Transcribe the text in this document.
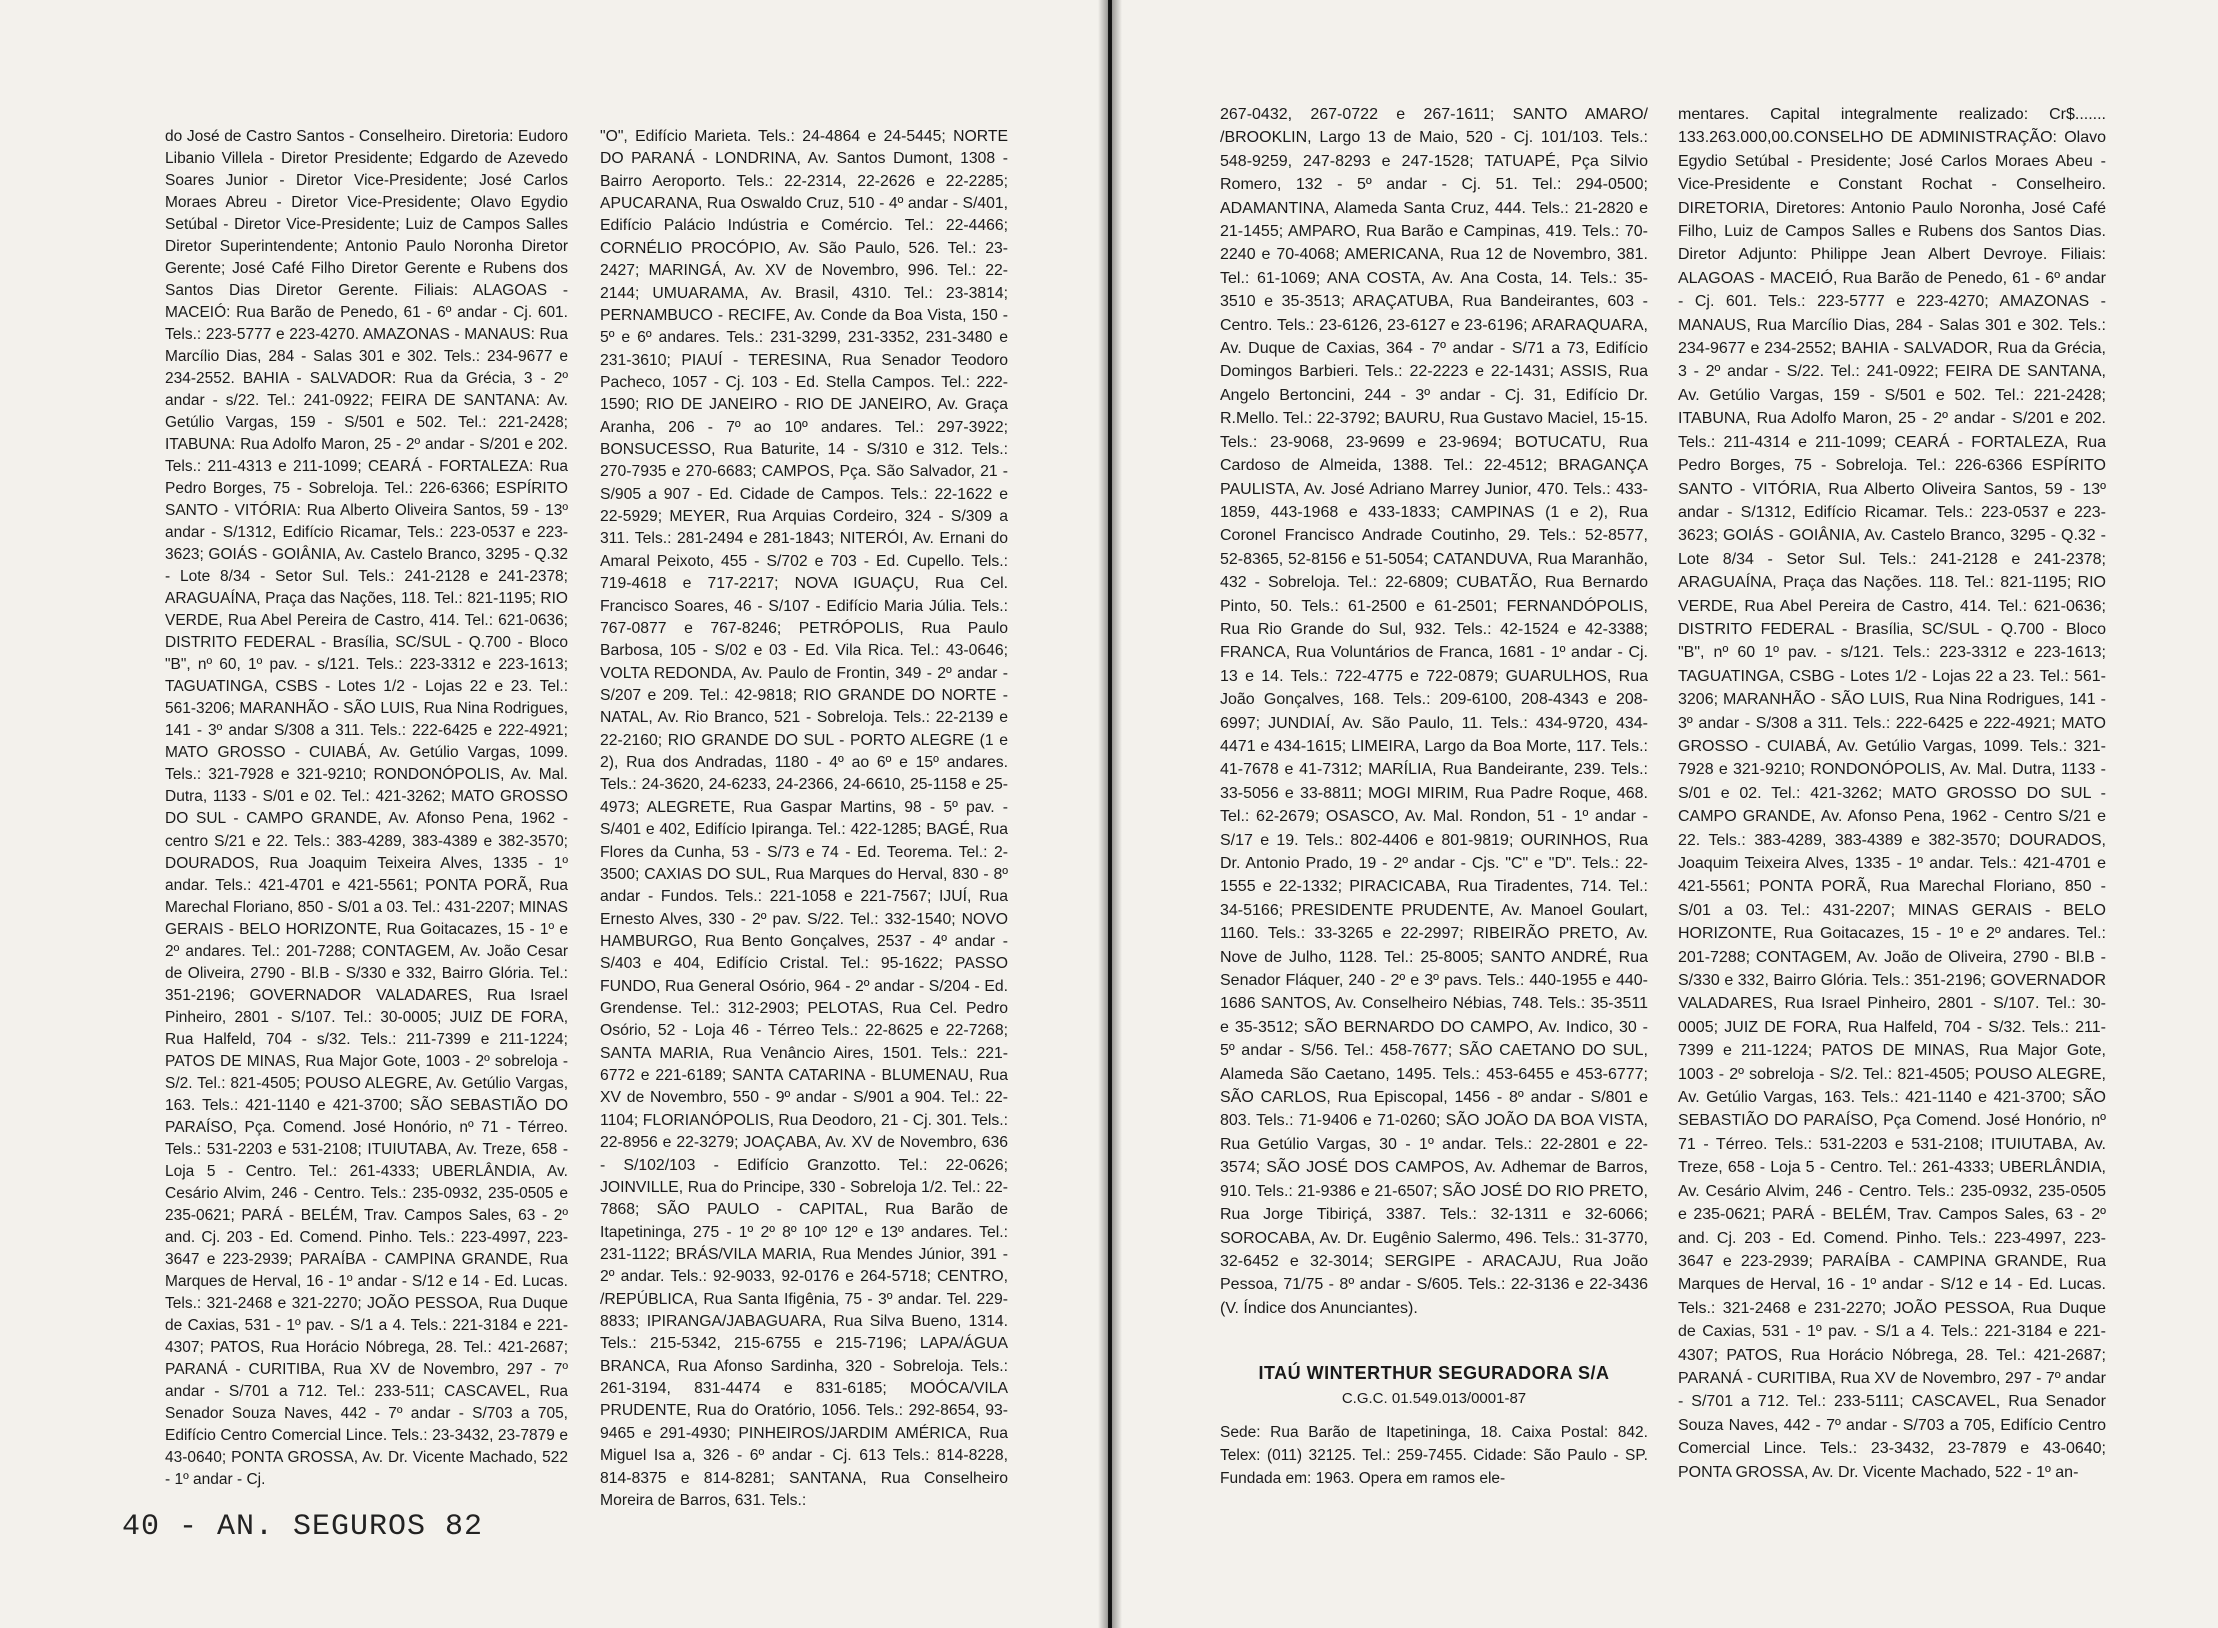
do José de Castro Santos - Conselheiro. Diretoria: Eudoro Libanio Villela - Diretor Presidente; Edgardo de Azevedo Soares Junior - Diretor Vice-Presidente; José Carlos Moraes Abreu - Diretor Vice-Presidente; Olavo Egydio Setúbal - Diretor Vice-Presidente; Luiz de Campos Salles Diretor Superintendente; Antonio Paulo Noronha Diretor Gerente; José Café Filho Diretor Gerente e Rubens dos Santos Dias Diretor Gerente. Filiais: ALAGOAS - MACEIÓ: Rua Barão de Penedo, 61 - 6º andar - Cj. 601. Tels.: 223-5777 e 223-4270. AMAZONAS - MANAUS: Rua Marcílio Dias, 284 - Salas 301 e 302. Tels.: 234-9677 e 234-2552. BAHIA - SALVADOR: Rua da Grécia, 3 - 2º andar - s/22. Tel.: 241-0922; FEIRA DE SANTANA: Av. Getúlio Vargas, 159 - S/501 e 502. Tel.: 221-2428; ITABUNA: Rua Adolfo Maron, 25 - 2º andar - S/201 e 202. Tels.: 211-4313 e 211-1099; CEARÁ - FORTALEZA: Rua Pedro Borges, 75 - Sobreloja. Tel.: 226-6366; ESPÍRITO SANTO - VITÓRIA: Rua Alberto Oliveira Santos, 59 - 13º andar - S/1312, Edifício Ricamar, Tels.: 223-0537 e 223-3623; GOIÁS - GOIÂNIA, Av. Castelo Branco, 3295 - Q.32 - Lote 8/34 - Setor Sul. Tels.: 241-2128 e 241-2378; ARAGUAÍNA, Praça das Nações, 118. Tel.: 821-1195; RIO VERDE, Rua Abel Pereira de Castro, 414. Tel.: 621-0636; DISTRITO FEDERAL - Brasília, SC/SUL - Q.700 - Bloco "B", nº 60, 1º pav. - s/121. Tels.: 223-3312 e 223-1613; TAGUATINGA, CSBS - Lotes 1/2 - Lojas 22 e 23. Tel.: 561-3206; MARANHÃO - SÃO LUIS, Rua Nina Rodrigues, 141 - 3º andar S/308 a 311. Tels.: 222-6425 e 222-4921; MATO GROSSO - CUIABÁ, Av. Getúlio Vargas, 1099. Tels.: 321-7928 e 321-9210; RONDONÓPOLIS, Av. Mal. Dutra, 1133 - S/01 e 02. Tel.: 421-3262; MATO GROSSO DO SUL - CAMPO GRANDE, Av. Afonso Pena, 1962 - centro S/21 e 22. Tels.: 383-4289, 383-4389 e 382-3570; DOURADOS, Rua Joaquim Teixeira Alves, 1335 - 1º andar. Tels.: 421-4701 e 421-5561; PONTA PORÃ, Rua Marechal Floriano, 850 - S/01 a 03. Tel.: 431-2207; MINAS GERAIS - BELO HORIZONTE, Rua Goitacazes, 15 - 1º e 2º andares. Tel.: 201-7288; CONTAGEM, Av. João Cesar de Oliveira, 2790 - Bl.B - S/330 e 332, Bairro Glória. Tel.: 351-2196; GOVERNADOR VALADARES, Rua Israel Pinheiro, 2801 - S/107. Tel.: 30-0005; JUIZ DE FORA, Rua Halfeld, 704 - s/32. Tels.: 211-7399 e 211-1224; PATOS DE MINAS, Rua Major Gote, 1003 - 2º sobreloja - S/2. Tel.: 821-4505; POUSO ALEGRE, Av. Getúlio Vargas, 163. Tels.: 421-1140 e 421-3700; SÃO SEBASTIÃO DO PARAÍSO, Pça. Comend. José Honório, nº 71 - Térreo. Tels.: 531-2203 e 531-2108; ITUIUTABA, Av. Treze, 658 - Loja 5 - Centro. Tel.: 261-4333; UBERLÂNDIA, Av. Cesário Alvim, 246 - Centro. Tels.: 235-0932, 235-0505 e 235-0621; PARÁ - BELÉM, Trav. Campos Sales, 63 - 2º and. Cj. 203 - Ed. Comend. Pinho. Tels.: 223-4997, 223-3647 e 223-2939; PARAÍBA - CAMPINA GRANDE, Rua Marques de Herval, 16 - 1º andar - S/12 e 14 - Ed. Lucas. Tels.: 321-2468 e 321-2270; JOÃO PESSOA, Rua Duque de Caxias, 531 - 1º pav. - S/1 a 4. Tels.: 221-3184 e 221-4307; PATOS, Rua Horácio Nóbrega, 28. Tel.: 421-2687; PARANÁ - CURITIBA, Rua XV de Novembro, 297 - 7º andar - S/701 a 712. Tel.: 233-511; CASCAVEL, Rua Senador Souza Naves, 442 - 7º andar - S/703 a 705, Edifício Centro Comercial Lince. Tels.: 23-3432, 23-7879 e 43-0640; PONTA GROSSA, Av. Dr. Vicente Machado, 522 - 1º andar - Cj.

"O", Edifício Marieta. Tels.: 24-4864 e 24-5445; NORTE DO PARANÁ - LONDRINA, Av. Santos Dumont, 1308 - Bairro Aeroporto. Tels.: 22-2314, 22-2626 e 22-2285; APUCARANA, Rua Oswaldo Cruz, 510 - 4º andar - S/401, Edifício Palácio Indústria e Comércio. Tel.: 22-4466; CORNÉLIO PROCÓPIO, Av. São Paulo, 526. Tel.: 23-2427; MARINGÁ, Av. XV de Novembro, 996. Tel.: 22-2144; UMUARAMA, Av. Brasil, 4310. Tel.: 23-3814; PERNAMBUCO - RECIFE, Av. Conde da Boa Vista, 150 - 5º e 6º andares. Tels.: 231-3299, 231-3352, 231-3480 e 231-3610; PIAUÍ - TERESINA, Rua Senador Teodoro Pacheco, 1057 - Cj. 103 - Ed. Stella Campos. Tel.: 222-1590; RIO DE JANEIRO - RIO DE JANEIRO, Av. Graça Aranha, 206 - 7º ao 10º andares. Tel.: 297-3922; BONSUCESSO, Rua Baturite, 14 - S/310 e 312. Tels.: 270-7935 e 270-6683; CAMPOS, Pça. São Salvador, 21 - S/905 a 907 - Ed. Cidade de Campos. Tels.: 22-1622 e 22-5929; MEYER, Rua Arquias Cordeiro, 324 - S/309 a 311. Tels.: 281-2494 e 281-1843; NITERÓI, Av. Ernani do Amaral Peixoto, 455 - S/702 e 703 - Ed. Cupello. Tels.: 719-4618 e 717-2217; NOVA IGUAÇU, Rua Cel. Francisco Soares, 46 - S/107 - Edifício Maria Júlia. Tels.: 767-0877 e 767-8246; PETRÓPOLIS, Rua Paulo Barbosa, 105 - S/02 e 03 - Ed. Vila Rica. Tel.: 43-0646; VOLTA REDONDA, Av. Paulo de Frontin, 349 - 2º andar - S/207 e 209. Tel.: 42-9818; RIO GRANDE DO NORTE - NATAL, Av. Rio Branco, 521 - Sobreloja. Tels.: 22-2139 e 22-2160; RIO GRANDE DO SUL - PORTO ALEGRE (1 e 2), Rua dos Andradas, 1180 - 4º ao 6º e 15º andares. Tels.: 24-3620, 24-6233, 24-2366, 24-6610, 25-1158 e 25-4973; ALEGRETE, Rua Gaspar Martins, 98 - 5º pav. - S/401 e 402, Edifício Ipiranga. Tel.: 422-1285; BAGÉ, Rua Flores da Cunha, 53 - S/73 e 74 - Ed. Teorema. Tel.: 2-3500; CAXIAS DO SUL, Rua Marques do Herval, 830 - 8º andar - Fundos. Tels.: 221-1058 e 221-7567; IJUÍ, Rua Ernesto Alves, 330 - 2º pav. S/22. Tel.: 332-1540; NOVO HAMBURGO, Rua Bento Gonçalves, 2537 - 4º andar - S/403 e 404, Edifício Cristal. Tel.: 95-1622; PASSO FUNDO, Rua General Osório, 964 - 2º andar - S/204 - Ed. Grendense. Tel.: 312-2903; PELOTAS, Rua Cel. Pedro Osório, 52 - Loja 46 - Térreo Tels.: 22-8625 e 22-7268; SANTA MARIA, Rua Venâncio Aires, 1501. Tels.: 221-6772 e 221-6189; SANTA CATARINA - BLUMENAU, Rua XV de Novembro, 550 - 9º andar - S/901 a 904. Tel.: 22-1104; FLORIANÓPOLIS, Rua Deodoro, 21 - Cj. 301. Tels.: 22-8956 e 22-3279; JOAÇABA, Av. XV de Novembro, 636 - S/102/103 - Edifício Granzotto. Tel.: 22-0626; JOINVILLE, Rua do Principe, 330 - Sobreloja 1/2. Tel.: 22-7868; SÃO PAULO - CAPITAL, Rua Barão de Itapetininga, 275 - 1º 2º 8º 10º 12º e 13º andares. Tel.: 231-1122; BRÁS/VILA MARIA, Rua Mendes Júnior, 391 - 2º andar. Tels.: 92-9033, 92-0176 e 264-5718; CENTRO, /REPÚBLICA, Rua Santa Ifigênia, 75 - 3º andar. Tel. 229-8833; IPIRANGA/JABAGUARA, Rua Silva Bueno, 1314. Tels.: 215-5342, 215-6755 e 215-7196; LAPA/ÁGUA BRANCA, Rua Afonso Sardinha, 320 - Sobreloja. Tels.: 261-3194, 831-4474 e 831-6185; MOÓCA/VILA PRUDENTE, Rua do Oratório, 1056. Tels.: 292-8654, 93-9465 e 291-4930; PINHEIROS/JARDIM AMÉRICA, Rua Miguel Isa a, 326 - 6º andar - Cj. 613 Tels.: 814-8228, 814-8375 e 814-8281; SANTANA, Rua Conselheiro Moreira de Barros, 631. Tels.:

40 - AN. SEGUROS 82

267-0432, 267-0722 e 267-1611; SANTO AMARO/ /BROOKLIN, Largo 13 de Maio, 520 - Cj. 101/103. Tels.: 548-9259, 247-8293 e 247-1528; TATUAPÉ, Pça Silvio Romero, 132 - 5º andar - Cj. 51. Tel.: 294-0500; ADAMANTINA, Alameda Santa Cruz, 444. Tels.: 21-2820 e 21-1455; AMPARO, Rua Barão e Campinas, 419. Tels.: 70-2240 e 70-4068; AMERICANA, Rua 12 de Novembro, 381. Tel.: 61-1069; ANA COSTA, Av. Ana Costa, 14. Tels.: 35-3510 e 35-3513; ARAÇATUBA, Rua Bandeirantes, 603 - Centro. Tels.: 23-6126, 23-6127 e 23-6196; ARARAQUARA, Av. Duque de Caxias, 364 - 7º andar - S/71 a 73, Edifício Domingos Barbieri. Tels.: 22-2223 e 22-1431; ASSIS, Rua Angelo Bertoncini, 244 - 3º andar - Cj. 31, Edifício Dr. R.Mello. Tel.: 22-3792; BAURU, Rua Gustavo Maciel, 15-15. Tels.: 23-9068, 23-9699 e 23-9694; BOTUCATU, Rua Cardoso de Almeida, 1388. Tel.: 22-4512; BRAGANÇA PAULISTA, Av. José Adriano Marrey Junior, 470. Tels.: 433-1859, 443-1968 e 433-1833; CAMPINAS (1 e 2), Rua Coronel Francisco Andrade Coutinho, 29. Tels.: 52-8577, 52-8365, 52-8156 e 51-5054; CATANDUVA, Rua Maranhão, 432 - Sobreloja. Tel.: 22-6809; CUBATÃO, Rua Bernardo Pinto, 50. Tels.: 61-2500 e 61-2501; FERNANDÓPOLIS, Rua Rio Grande do Sul, 932. Tels.: 42-1524 e 42-3388; FRANCA, Rua Voluntários de Franca, 1681 - 1º andar - Cj. 13 e 14. Tels.: 722-4775 e 722-0879; GUARULHOS, Rua João Gonçalves, 168. Tels.: 209-6100, 208-4343 e 208-6997; JUNDIAÍ, Av. São Paulo, 11. Tels.: 434-9720, 434-4471 e 434-1615; LIMEIRA, Largo da Boa Morte, 117. Tels.: 41-7678 e 41-7312; MARÍLIA, Rua Bandeirante, 239. Tels.: 33-5056 e 33-8811; MOGI MIRIM, Rua Padre Roque, 468. Tel.: 62-2679; OSASCO, Av. Mal. Rondon, 51 - 1º andar - S/17 e 19. Tels.: 802-4406 e 801-9819; OURINHOS, Rua Dr. Antonio Prado, 19 - 2º andar - Cjs. "C" e "D". Tels.: 22-1555 e 22-1332; PIRACICABA, Rua Tiradentes, 714. Tel.: 34-5166; PRESIDENTE PRUDENTE, Av. Manoel Goulart, 1160. Tels.: 33-3265 e 22-2997; RIBEIRÃO PRETO, Av. Nove de Julho, 1128. Tel.: 25-8005; SANTO ANDRÉ, Rua Senador Fláquer, 240 - 2º e 3º pavs. Tels.: 440-1955 e 440-1686 SANTOS, Av. Conselheiro Nébias, 748. Tels.: 35-3511 e 35-3512; SÃO BERNARDO DO CAMPO, Av. Indico, 30 - 5º andar - S/56. Tel.: 458-7677; SÃO CAETANO DO SUL, Alameda São Caetano, 1495. Tels.: 453-6455 e 453-6777; SÃO CARLOS, Rua Episcopal, 1456 - 8º andar - S/801 e 803. Tels.: 71-9406 e 71-0260; SÃO JOÃO DA BOA VISTA, Rua Getúlio Vargas, 30 - 1º andar. Tels.: 22-2801 e 22-3574; SÃO JOSÉ DOS CAMPOS, Av. Adhemar de Barros, 910. Tels.: 21-9386 e 21-6507; SÃO JOSÉ DO RIO PRETO, Rua Jorge Tibiriçá, 3387. Tels.: 32-1311 e 32-6066; SOROCABA, Av. Dr. Eugênio Salermo, 496. Tels.: 31-3770, 32-6452 e 32-3014; SERGIPE - ARACAJU, Rua João Pessoa, 71/75 - 8º andar - S/605. Tels.: 22-3136 e 22-3436 (V. Índice dos Anunciantes).

ITAÚ WINTERTHUR SEGURADORA S/A
C.G.C. 01.549.013/0001-87
Sede: Rua Barão de Itapetininga, 18. Caixa Postal: 842. Telex: (011) 32125. Tel.: 259-7455. Cidade: São Paulo - SP. Fundada em: 1963. Opera em ramos ele-

mentares. Capital integralmente realizado: Cr$....... 133.263.000,00.CONSELHO DE ADMINISTRAÇÃO: Olavo Egydio Setúbal - Presidente; José Carlos Moraes Abeu - Vice-Presidente e Constant Rochat - Conselheiro. DIRETORIA, Diretores: Antonio Paulo Noronha, José Café Filho, Luiz de Campos Salles e Rubens dos Santos Dias. Diretor Adjunto: Philippe Jean Albert Devroye. Filiais: ALAGOAS - MACEIÓ, Rua Barão de Penedo, 61 - 6º andar - Cj. 601. Tels.: 223-5777 e 223-4270; AMAZONAS - MANAUS, Rua Marcílio Dias, 284 - Salas 301 e 302. Tels.: 234-9677 e 234-2552; BAHIA - SALVADOR, Rua da Grécia, 3 - 2º andar - S/22. Tel.: 241-0922; FEIRA DE SANTANA, Av. Getúlio Vargas, 159 - S/501 e 502. Tel.: 221-2428; ITABUNA, Rua Adolfo Maron, 25 - 2º andar - S/201 e 202. Tels.: 211-4314 e 211-1099; CEARÁ - FORTALEZA, Rua Pedro Borges, 75 - Sobreloja. Tel.: 226-6366 ESPÍRITO SANTO - VITÓRIA, Rua Alberto Oliveira Santos, 59 - 13º andar - S/1312, Edifício Ricamar. Tels.: 223-0537 e 223-3623; GOIÁS - GOIÂNIA, Av. Castelo Branco, 3295 - Q.32 - Lote 8/34 - Setor Sul. Tels.: 241-2128 e 241-2378; ARAGUAÍNA, Praça das Nações. 118. Tel.: 821-1195; RIO VERDE, Rua Abel Pereira de Castro, 414. Tel.: 621-0636; DISTRITO FEDERAL - Brasília, SC/SUL - Q.700 - Bloco "B", nº 60 1º pav. - s/121. Tels.: 223-3312 e 223-1613; TAGUATINGA, CSBG - Lotes 1/2 - Lojas 22 a 23. Tel.: 561-3206; MARANHÃO - SÃO LUIS, Rua Nina Rodrigues, 141 - 3º andar - S/308 a 311. Tels.: 222-6425 e 222-4921; MATO GROSSO - CUIABÁ, Av. Getúlio Vargas, 1099. Tels.: 321-7928 e 321-9210; RONDONÓPOLIS, Av. Mal. Dutra, 1133 - S/01 e 02. Tel.: 421-3262; MATO GROSSO DO SUL - CAMPO GRANDE, Av. Afonso Pena, 1962 - Centro S/21 e 22. Tels.: 383-4289, 383-4389 e 382-3570; DOURADOS, Joaquim Teixeira Alves, 1335 - 1º andar. Tels.: 421-4701 e 421-5561; PONTA PORÃ, Rua Marechal Floriano, 850 - S/01 a 03. Tel.: 431-2207; MINAS GERAIS - BELO HORIZONTE, Rua Goitacazes, 15 - 1º e 2º andares. Tel.: 201-7288; CONTAGEM, Av. João de Oliveira, 2790 - Bl.B - S/330 e 332, Bairro Glória. Tels.: 351-2196; GOVERNADOR VALADARES, Rua Israel Pinheiro, 2801 - S/107. Tel.: 30-0005; JUIZ DE FORA, Rua Halfeld, 704 - S/32. Tels.: 211-7399 e 211-1224; PATOS DE MINAS, Rua Major Gote, 1003 - 2º sobreloja - S/2. Tel.: 821-4505; POUSO ALEGRE, Av. Getúlio Vargas, 163. Tels.: 421-1140 e 421-3700; SÃO SEBASTIÃO DO PARAÍSO, Pça Comend. José Honório, nº 71 - Térreo. Tels.: 531-2203 e 531-2108; ITUIUTABA, Av. Treze, 658 - Loja 5 - Centro. Tel.: 261-4333; UBERLÂNDIA, Av. Cesário Alvim, 246 - Centro. Tels.: 235-0932, 235-0505 e 235-0621; PARÁ - BELÉM, Trav. Campos Sales, 63 - 2º and. Cj. 203 - Ed. Comend. Pinho. Tels.: 223-4997, 223-3647 e 223-2939; PARAÍBA - CAMPINA GRANDE, Rua Marques de Herval, 16 - 1º andar - S/12 e 14 - Ed. Lucas. Tels.: 321-2468 e 231-2270; JOÃO PESSOA, Rua Duque de Caxias, 531 - 1º pav. - S/1 a 4. Tels.: 221-3184 e 221-4307; PATOS, Rua Horácio Nóbrega, 28. Tel.: 421-2687; PARANÁ - CURITIBA, Rua XV de Novembro, 297 - 7º andar - S/701 a 712. Tel.: 233-5111; CASCAVEL, Rua Senador Souza Naves, 442 - 7º andar - S/703 a 705, Edifício Centro Comercial Lince. Tels.: 23-3432, 23-7879 e 43-0640; PONTA GROSSA, Av. Dr. Vicente Machado, 522 - 1º an-
